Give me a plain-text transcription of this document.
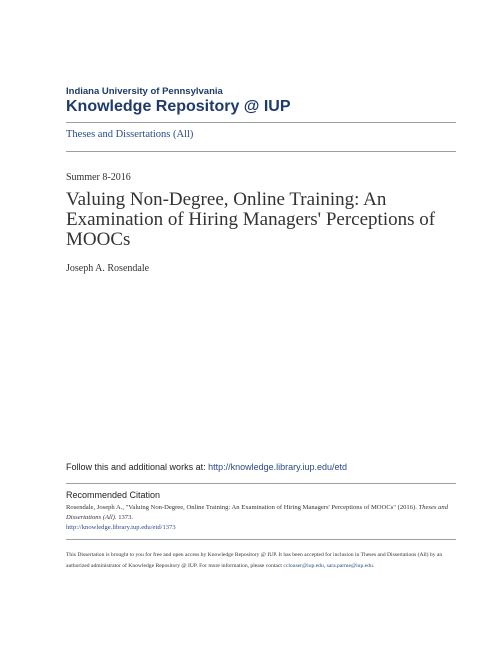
Indiana University of Pennsylvania
Knowledge Repository @ IUP
Theses and Dissertations (All)
Summer 8-2016
Valuing Non-Degree, Online Training: An Examination of Hiring Managers' Perceptions of MOOCs
Joseph A. Rosendale
Follow this and additional works at: http://knowledge.library.iup.edu/etd
Recommended Citation
Rosendale, Joseph A., "Valuing Non-Degree, Online Training: An Examination of Hiring Managers' Perceptions of MOOCs" (2016). Theses and Dissertations (All). 1373.
http://knowledge.library.iup.edu/etd/1373
This Dissertation is brought to you for free and open access by Knowledge Repository @ IUP. It has been accepted for inclusion in Theses and Dissertations (All) by an authorized administrator of Knowledge Repository @ IUP. For more information, please contact cclouser@iup.edu, sara.parme@iup.edu.
